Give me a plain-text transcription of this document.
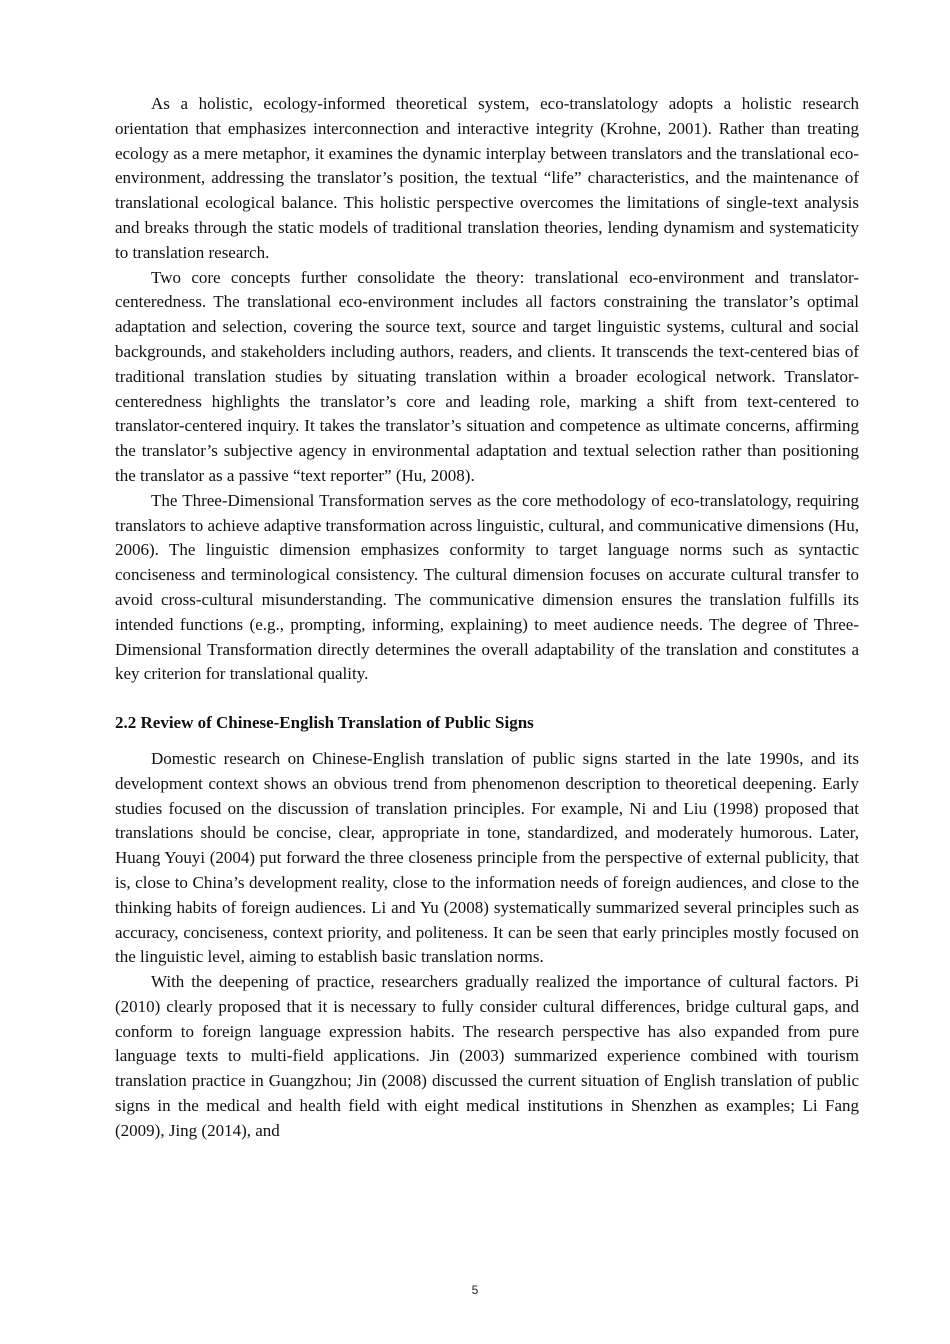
As a holistic, ecology-informed theoretical system, eco-translatology adopts a holistic research orientation that emphasizes interconnection and interactive integrity (Krohne, 2001). Rather than treating ecology as a mere metaphor, it examines the dynamic interplay between translators and the translational eco-environment, addressing the translator’s position, the textual “life” characteristics, and the maintenance of translational ecological balance. This holistic perspective overcomes the limitations of single-text analysis and breaks through the static models of traditional translation theories, lending dynamism and systematicity to translation research.

Two core concepts further consolidate the theory: translational eco-environment and translator-centeredness. The translational eco-environment includes all factors constraining the translator’s optimal adaptation and selection, covering the source text, source and target linguistic systems, cultural and social backgrounds, and stakeholders including authors, readers, and clients. It transcends the text-centered bias of traditional translation studies by situating translation within a broader ecological network. Translator-centeredness highlights the translator’s core and leading role, marking a shift from text-centered to translator-centered inquiry. It takes the translator’s situation and competence as ultimate concerns, affirming the translator’s subjective agency in environmental adaptation and textual selection rather than positioning the translator as a passive “text reporter” (Hu, 2008).

The Three-Dimensional Transformation serves as the core methodology of eco-translatology, requiring translators to achieve adaptive transformation across linguistic, cultural, and communicative dimensions (Hu, 2006). The linguistic dimension emphasizes conformity to target language norms such as syntactic conciseness and terminological consistency. The cultural dimension focuses on accurate cultural transfer to avoid cross-cultural misunderstanding. The communicative dimension ensures the translation fulfills its intended functions (e.g., prompting, informing, explaining) to meet audience needs. The degree of Three-Dimensional Transformation directly determines the overall adaptability of the translation and constitutes a key criterion for translational quality.

2.2 Review of Chinese-English Translation of Public Signs

Domestic research on Chinese-English translation of public signs started in the late 1990s, and its development context shows an obvious trend from phenomenon description to theoretical deepening. Early studies focused on the discussion of translation principles. For example, Ni and Liu (1998) proposed that translations should be concise, clear, appropriate in tone, standardized, and moderately humorous. Later, Huang Youyi (2004) put forward the three closeness principle from the perspective of external publicity, that is, close to China’s development reality, close to the information needs of foreign audiences, and close to the thinking habits of foreign audiences. Li and Yu (2008) systematically summarized several principles such as accuracy, conciseness, context priority, and politeness. It can be seen that early principles mostly focused on the linguistic level, aiming to establish basic translation norms.

With the deepening of practice, researchers gradually realized the importance of cultural factors. Pi (2010) clearly proposed that it is necessary to fully consider cultural differences, bridge cultural gaps, and conform to foreign language expression habits. The research perspective has also expanded from pure language texts to multi-field applications. Jin (2003) summarized experience combined with tourism translation practice in Guangzhou; Jin (2008) discussed the current situation of English translation of public signs in the medical and health field with eight medical institutions in Shenzhen as examples; Li Fang (2009), Jing (2014), and

5
